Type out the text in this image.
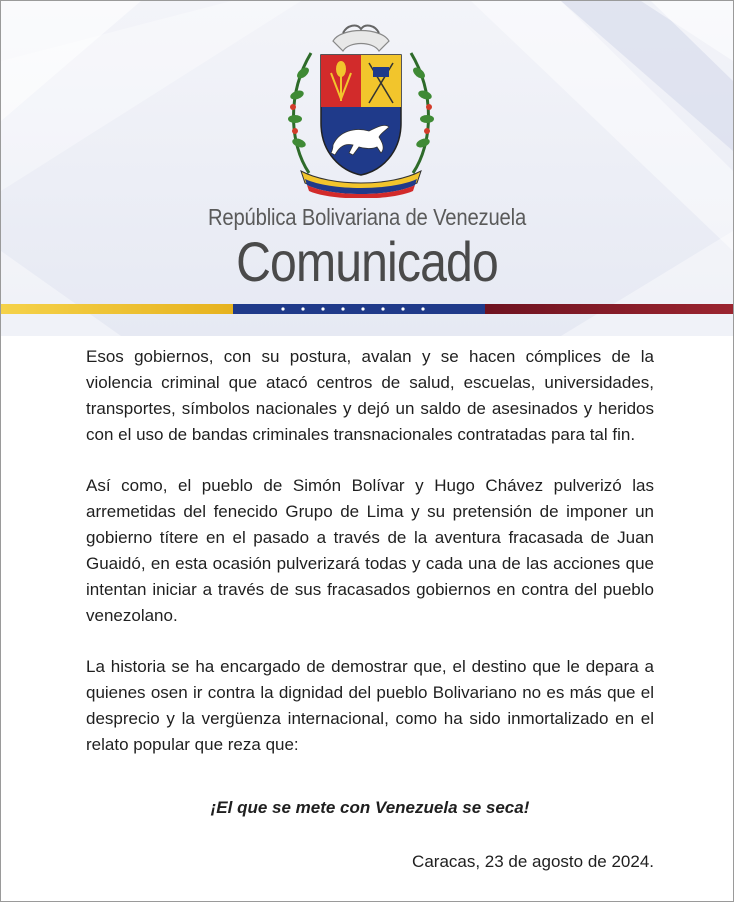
República Bolivariana de Venezuela
Comunicado

Esos gobiernos, con su postura, avalan y se hacen cómplices de la violencia criminal que atacó centros de salud, escuelas, universidades, transportes, símbolos nacionales y dejó un saldo de asesinados y heridos con el uso de bandas criminales transnacionales contratadas para tal fin.

Así como, el pueblo de Simón Bolívar y Hugo Chávez pulverizó las arremetidas del fenecido Grupo de Lima y su pretensión de imponer un gobierno títere en el pasado a través de la aventura fracasada de Juan Guaidó, en esta ocasión pulverizará todas y cada una de las acciones que intentan iniciar a través de sus fracasados gobiernos en contra del pueblo venezolano.

La historia se ha encargado de demostrar que, el destino que le depara a quienes osen ir contra la dignidad del pueblo Bolivariano no es más que el desprecio y la vergüenza internacional, como ha sido inmortalizado en el relato popular que reza que:

¡El que se mete con Venezuela se seca!

Caracas, 23 de agosto de 2024.
